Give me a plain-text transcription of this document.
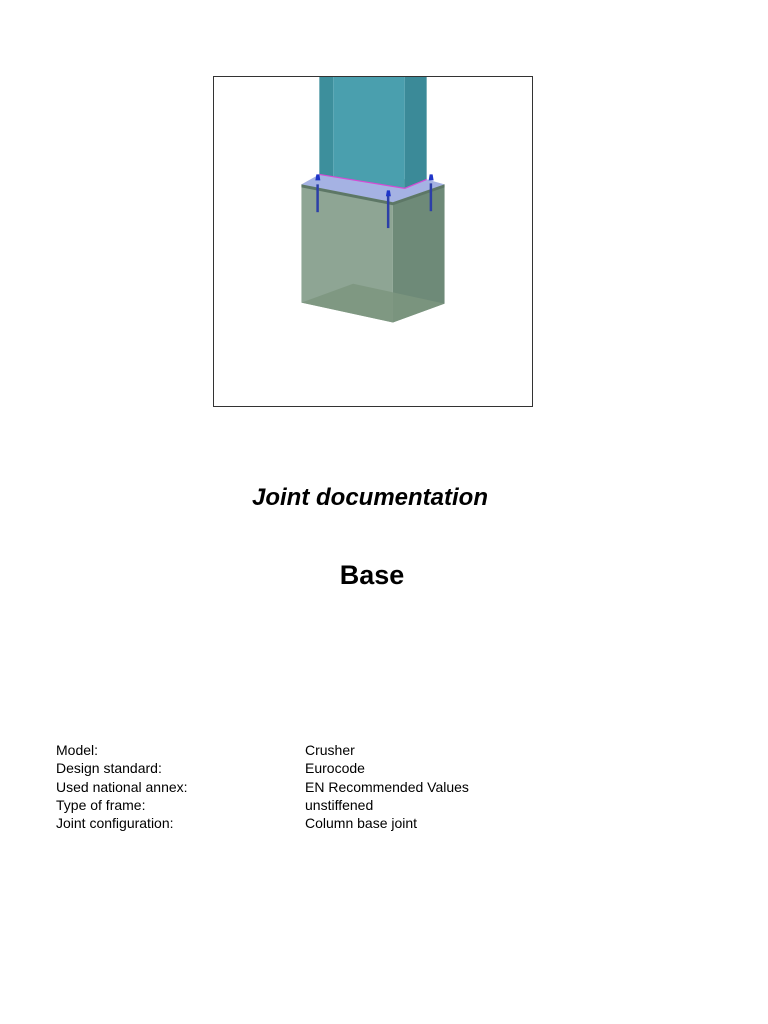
Joint documentation
Base
Model:	Crusher
Design standard:	Eurocode
Used national annex:	EN Recommended Values
Type of frame:	unstiffened
Joint configuration:	Column base joint
